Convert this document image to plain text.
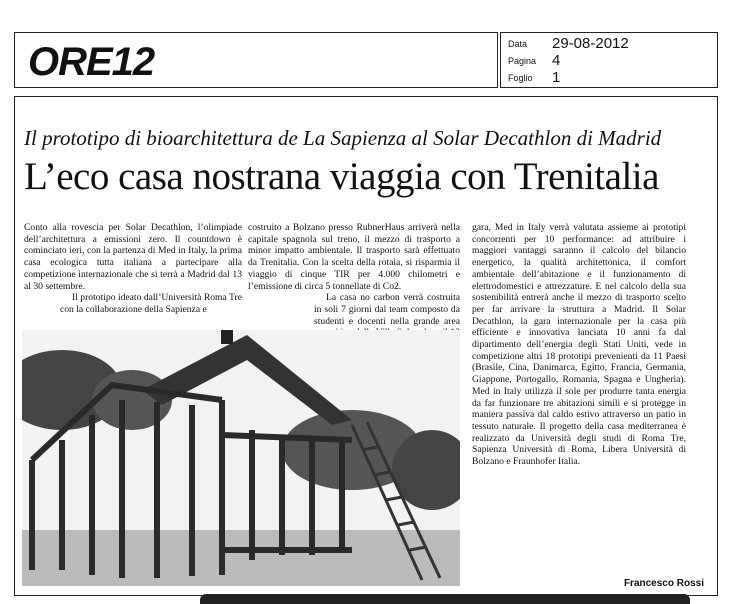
ORE12	Data 29-08-2012
Pagina 4
Foglio 1
Il prototipo di bioarchitettura de La Sapienza al Solar Decathlon di Madrid
L’eco casa nostrana viaggia con Trenitalia

Conto alla rovescia per Solar Decathlon, l’olimpiade dell’architettura a emissioni zero. Il countdown è cominciato ieri, con la partenza di Med in Italy, la prima casa ecologica tutta italiana a partecipare alla competizione internazionale che si terrà a Madrid dal 13 al 30 settembre.

Il prototipo ideato dall’Università Roma Tre con la collaborazione della Sapienza e

costruito a Bolzano presso RubnerHaus arriverà nella capitale spagnola sul treno, il mezzo di trasporto a minor impatto ambientale. Il trasporto sarà effettuato da Trenitalia. Con la scelta della rotaia, si risparmia il viaggio di cinque TIR per 4.000 chilometri e l’emissione di circa 5 tonnellate di Co2.

La casa no carbon verrà costruita in soli 7 giorni dal team composto da studenti e docenti nella grande area

gara, Med in Italy verrà valutata assieme ai prototipi concorrenti per 10 performance: ad attribuire i maggiori vantaggi saranno il calcolo del bilancio energetico, la qualità architettonica, il comfort ambientale dell’abitazione e il funzionamento di elettrodomestici e attrezzature. E nel calcolo della sua sostenibilità entrerà anche il mezzo di trasporto scelto per far arrivare la struttura a Madrid. Il Solar Decathlon, la gara internazionale per la casa più efficiente e innovativa lanciata 10 anni fa dal dipartimento dell’energia degli Stati Uniti, vede in competizione altri 18 prototipi prevenienti da 11 Paesi (Brasile, Cina, Danimarca, Egitto, Francia, Germania, Giappone, Portogallo, Romania, Spagna e Ungheria). Med in Italy utilizza il sole per produrre tanta energia da far funzionare tre abitazioni simili e si protegge in maniera passiva dal caldo estivo attraverso un patio in tessuto naturale. Il progetto della casa mediterranea è realizzato da Università degli studi di Roma Tre, Sapienza Università di Roma, Libera Università di Bolzano e Fraunhofer Italia.

Francesco Rossi
